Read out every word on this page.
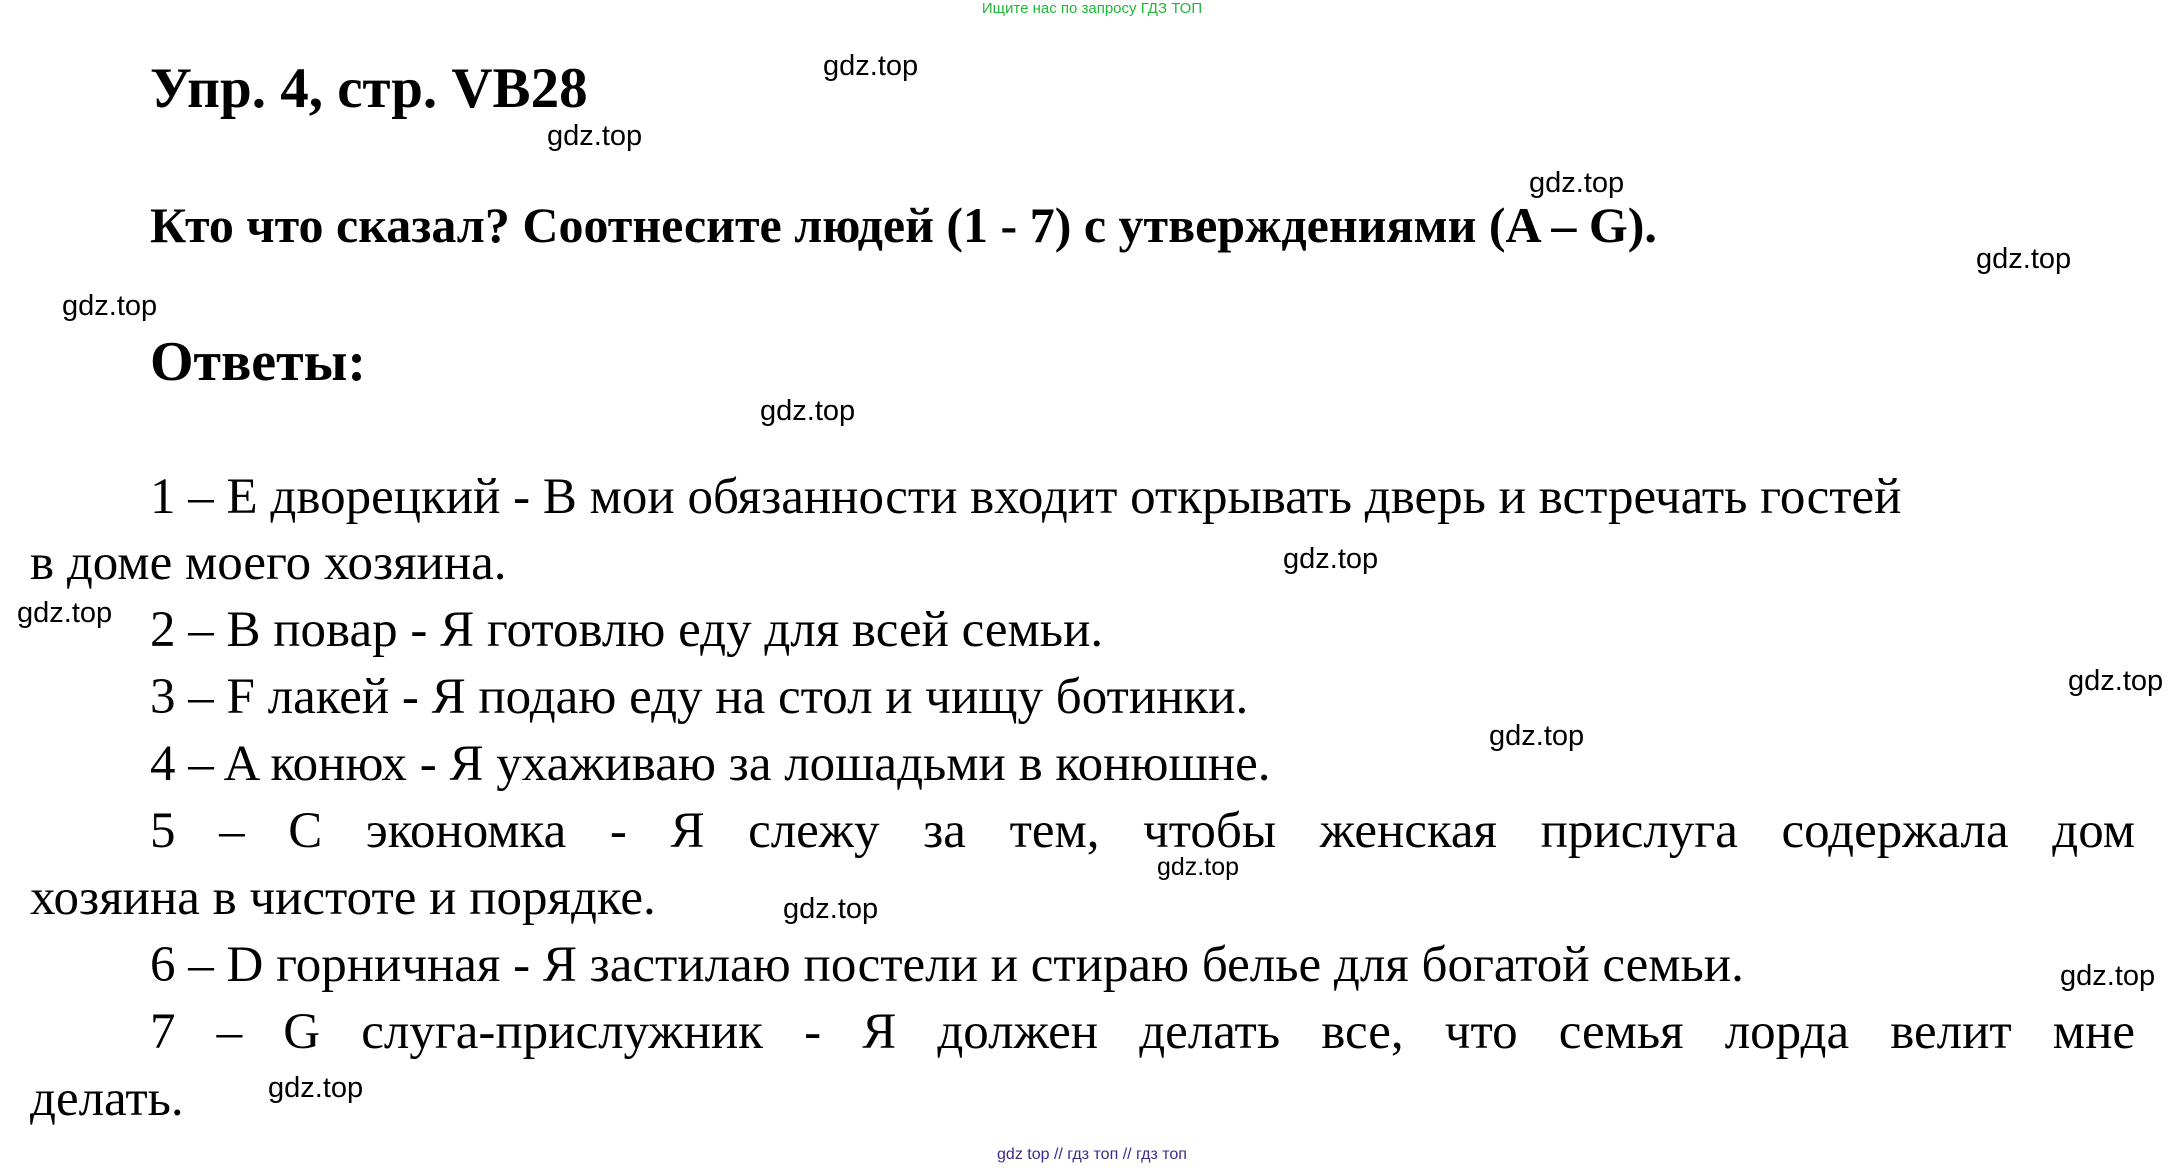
Ищите нас по запросу ГДЗ ТОП
Упр. 4, стр. VB28
Кто что сказал? Соотнесите людей (1 - 7) с утверждениями (A – G).
Ответы:
1 – E дворецкий - В мои обязанности входит открывать дверь и встречать гостей
в доме моего хозяина.
2 – B повар - Я готовлю еду для всей семьи.
3 – F лакей - Я подаю еду на стол и чищу ботинки.
4 – A конюх - Я ухаживаю за лошадьми в конюшне.
5 – C экономка - Я слежу за тем, чтобы женская прислуга содержала дом
хозяина в чистоте и порядке.
6 – D горничная - Я застилаю постели и стираю белье для богатой семьи.
7 – G слуга-прислужник - Я должен делать все, что семья лорда велит мне
делать.
gdz.top
gdz.top
gdz.top
gdz.top
gdz.top
gdz.top
gdz.top
gdz.top
gdz.top
gdz.top
gdz.top
gdz.top
gdz.top
gdz.top
gdz top // гдз топ // гдз топ
